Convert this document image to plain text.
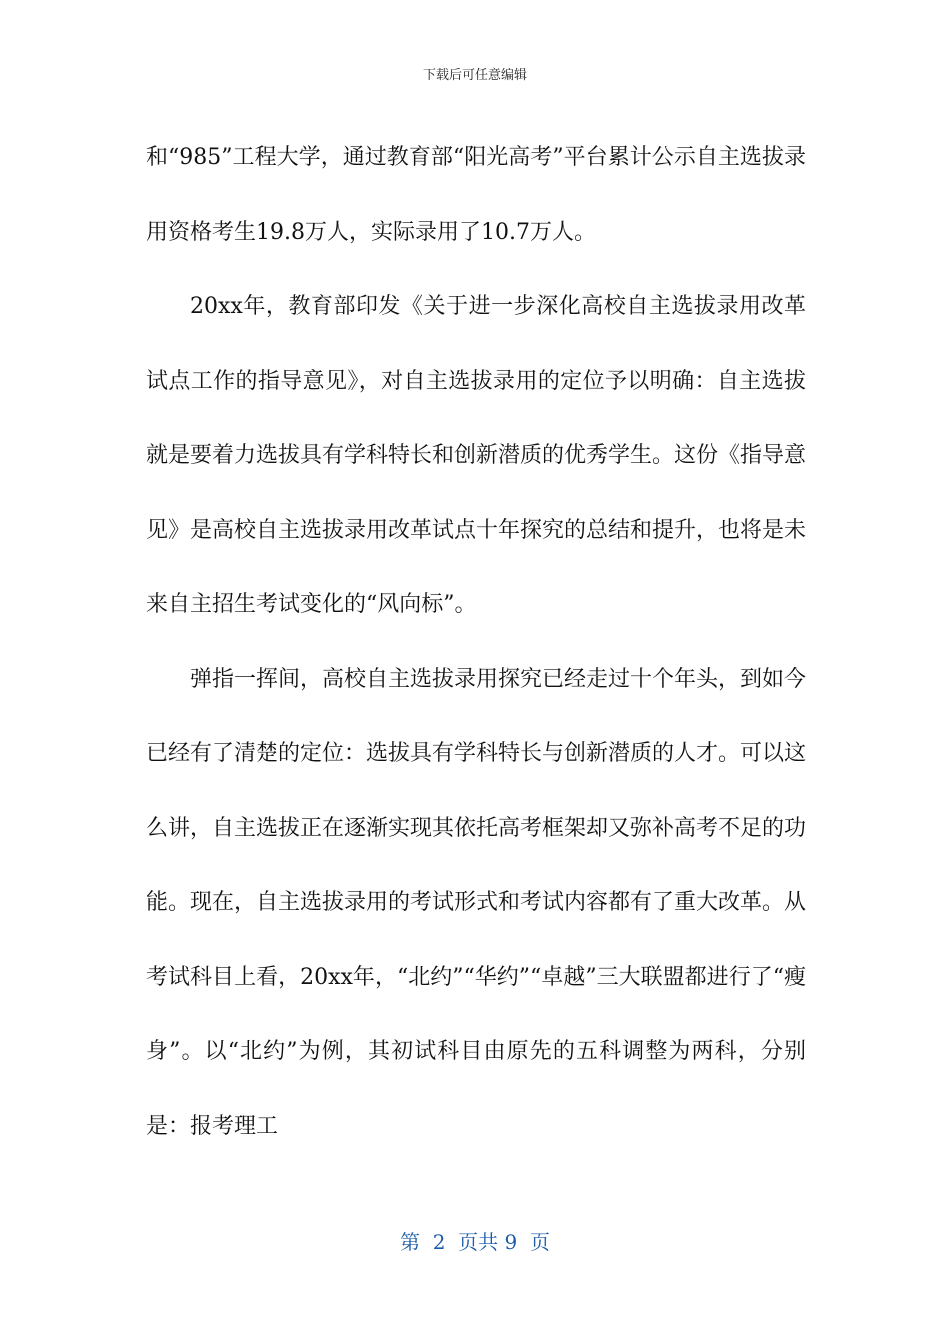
下载后可任意编辑

和“985”工程大学，通过教育部“阳光高考”平台累计公示自主选拔录用资格考生19.8万人，实际录用了10.7万人。

20xx年，教育部印发《关于进一步深化高校自主选拔录用改革试点工作的指导意见》，对自主选拔录用的定位予以明确：自主选拔就是要着力选拔具有学科特长和创新潜质的优秀学生。这份《指导意见》是高校自主选拔录用改革试点十年探究的总结和提升，也将是未来自主招生考试变化的“风向标”。

弹指一挥间，高校自主选拔录用探究已经走过十个年头，到如今已经有了清楚的定位：选拔具有学科特长与创新潜质的人才。可以这么讲，自主选拔正在逐渐实现其依托高考框架却又弥补高考不足的功能。现在，自主选拔录用的考试形式和考试内容都有了重大改革。从考试科目上看，20xx年，“北约”“华约”“卓越”三大联盟都进行了“瘦身”。以“北约”为例，其初试科目由原先的五科调整为两科，分别是：报考理工

第  2  页共 9  页
